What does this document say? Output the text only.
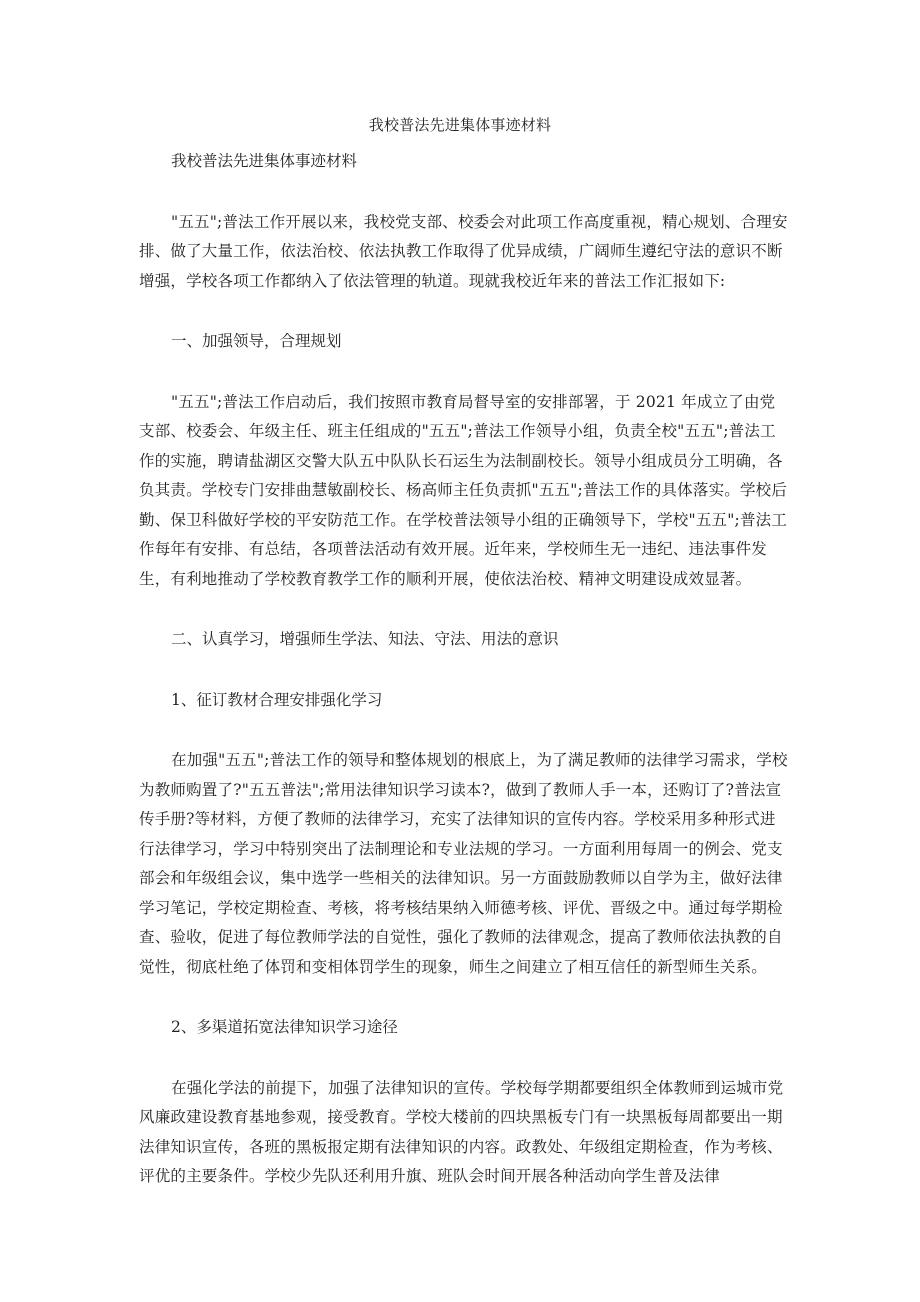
我校普法先进集体事迹材料

我校普法先进集体事迹材料

"五五";普法工作开展以来，我校党支部、校委会对此项工作高度重视，精心规划、合理安排、做了大量工作，依法治校、依法执教工作取得了优异成绩，广阔师生遵纪守法的意识不断增强，学校各项工作都纳入了依法管理的轨道。现就我校近年来的普法工作汇报如下:

一、加强领导，合理规划

"五五";普法工作启动后，我们按照市教育局督导室的安排部署，于 2021 年成立了由党支部、校委会、年级主任、班主任组成的"五五";普法工作领导小组，负责全校"五五";普法工作的实施，聘请盐湖区交警大队五中队队长石运生为法制副校长。领导小组成员分工明确，各负其责。学校专门安排曲慧敏副校长、杨高师主任负责抓"五五";普法工作的具体落实。学校后勤、保卫科做好学校的平安防范工作。在学校普法领导小组的正确领导下，学校"五五";普法工作每年有安排、有总结，各项普法活动有效开展。近年来，学校师生无一违纪、违法事件发生，有利地推动了学校教育教学工作的顺利开展，使依法治校、精神文明建设成效显著。

二、认真学习，增强师生学法、知法、守法、用法的意识

1、征订教材合理安排强化学习

在加强"五五";普法工作的领导和整体规划的根底上，为了满足教师的法律学习需求，学校为教师购置了?"五五普法";常用法律知识学习读本?，做到了教师人手一本，还购订了?普法宣传手册?等材料，方便了教师的法律学习，充实了法律知识的宣传内容。学校采用多种形式进行法律学习，学习中特别突出了法制理论和专业法规的学习。一方面利用每周一的例会、党支部会和年级组会议，集中选学一些相关的法律知识。另一方面鼓励教师以自学为主，做好法律学习笔记，学校定期检查、考核，将考核结果纳入师德考核、评优、晋级之中。通过每学期检查、验收，促进了每位教师学法的自觉性，强化了教师的法律观念，提高了教师依法执教的自觉性，彻底杜绝了体罚和变相体罚学生的现象，师生之间建立了相互信任的新型师生关系。

2、多渠道拓宽法律知识学习途径

在强化学法的前提下，加强了法律知识的宣传。学校每学期都要组织全体教师到运城市党风廉政建设教育基地参观，接受教育。学校大楼前的四块黑板专门有一块黑板每周都要出一期法律知识宣传，各班的黑板报定期有法律知识的内容。政教处、年级组定期检查，作为考核、评优的主要条件。学校少先队还利用升旗、班队会时间开展各种活动向学生普及法律
